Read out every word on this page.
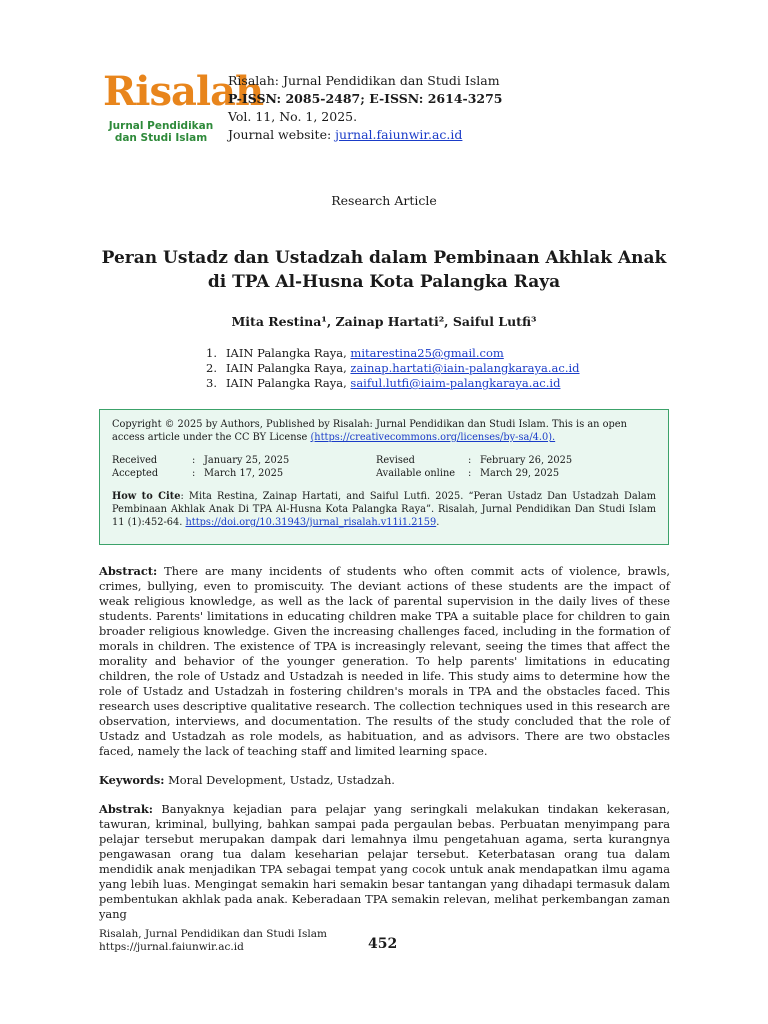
Risalah
Jurnal Pendidikan dan Studi Islam
Risalah: Jurnal Pendidikan dan Studi Islam
P-ISSN: 2085-2487; E-ISSN: 2614-3275
Vol. 11, No. 1, 2025.
Journal website: jurnal.faiunwir.ac.id
Research Article
Peran Ustadz dan Ustadzah dalam Pembinaan Akhlak Anak di TPA Al-Husna Kota Palangka Raya
Mita Restina¹, Zainap Hartati², Saiful Lutfi³
1. IAIN Palangka Raya, mitarestina25@gmail.com
2. IAIN Palangka Raya, zainap.hartati@iain-palangkaraya.ac.id
3. IAIN Palangka Raya, saiful.lutfi@iaim-palangkaraya.ac.id
Copyright © 2025 by Authors, Published by Risalah: Jurnal Pendidikan dan Studi Islam. This is an open access article under the CC BY License (https://creativecommons.org/licenses/by-sa/4.0).
Received	: January 25, 2025	Revised	: February 26, 2025
Accepted	: March 17, 2025	Available online	: March 29, 2025
How to Cite: Mita Restina, Zainap Hartati, and Saiful Lutfi. 2025. “Peran Ustadz Dan Ustadzah Dalam Pembinaan Akhlak Anak Di TPA Al-Husna Kota Palangka Raya”. Risalah, Jurnal Pendidikan Dan Studi Islam 11 (1):452-64. https://doi.org/10.31943/jurnal_risalah.v11i1.2159.

Abstract: There are many incidents of students who often commit acts of violence, brawls, crimes, bullying, even to promiscuity. The deviant actions of these students are the impact of weak religious knowledge, as well as the lack of parental supervision in the daily lives of these students. Parents' limitations in educating children make TPA a suitable place for children to gain broader religious knowledge. Given the increasing challenges faced, including in the formation of morals in children. The existence of TPA is increasingly relevant, seeing the times that affect the morality and behavior of the younger generation. To help parents' limitations in educating children, the role of Ustadz and Ustadzah is needed in life. This study aims to determine how the role of Ustadz and Ustadzah in fostering children's morals in TPA and the obstacles faced. This research uses descriptive qualitative research. The collection techniques used in this research are observation, interviews, and documentation. The results of the study concluded that the role of Ustadz and Ustadzah as role models, as habituation, and as advisors. There are two obstacles faced, namely the lack of teaching staff and limited learning space.

Keywords: Moral Development, Ustadz, Ustadzah.

Abstrak: Banyaknya kejadian para pelajar yang seringkali melakukan tindakan kekerasan, tawuran, kriminal, bullying, bahkan sampai pada pergaulan bebas. Perbuatan menyimpang para pelajar tersebut merupakan dampak dari lemahnya ilmu pengetahuan agama, serta kurangnya pengawasan orang tua dalam keseharian pelajar tersebut. Keterbatasan orang tua dalam mendidik anak menjadikan TPA sebagai tempat yang cocok untuk anak mendapatkan ilmu agama yang lebih luas. Mengingat semakin hari semakin besar tantangan yang dihadapi termasuk dalam pembentukan akhlak pada anak. Keberadaan TPA semakin relevan, melihat perkembangan zaman yang

Risalah, Jurnal Pendidikan dan Studi Islam
https://jurnal.faiunwir.ac.id	452
